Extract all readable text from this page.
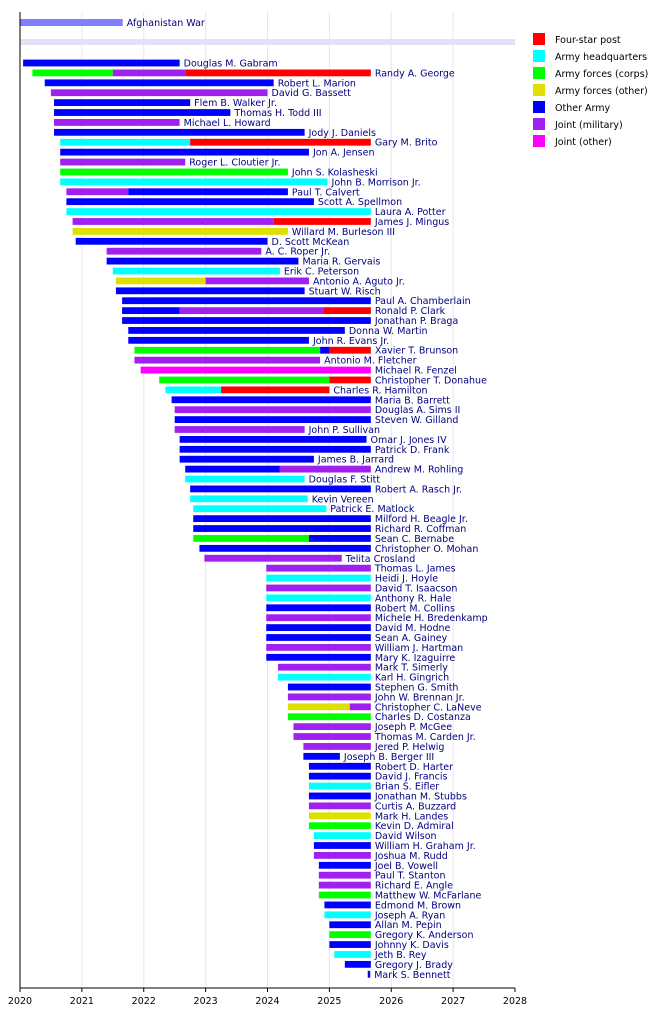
Afghanistan War
Douglas M. Gabram
Randy A. George
Robert L. Marion
David G. Bassett
Flem B. Walker Jr.
Thomas H. Todd III
Michael L. Howard
Jody J. Daniels
Gary M. Brito
Jon A. Jensen
Roger L. Cloutier Jr.
John S. Kolasheski
John B. Morrison Jr.
Paul T. Calvert
Scott A. Spellmon
Laura A. Potter
James J. Mingus
Willard M. Burleson III
D. Scott McKean
A. C. Roper Jr.
Maria R. Gervais
Erik C. Peterson
Antonio A. Aguto Jr.
Stuart W. Risch
Paul A. Chamberlain
Ronald P. Clark
Jonathan P. Braga
Donna W. Martin
John R. Evans Jr.
Xavier T. Brunson
Antonio M. Fletcher
Michael R. Fenzel
Christopher T. Donahue
Charles R. Hamilton
Maria B. Barrett
Douglas A. Sims II
Steven W. Gilland
John P. Sullivan
Omar J. Jones IV
Patrick D. Frank
James B. Jarrard
Andrew M. Rohling
Douglas F. Stitt
Robert A. Rasch Jr.
Kevin Vereen
Patrick E. Matlock
Milford H. Beagle Jr.
Richard R. Coffman
Sean C. Bernabe
Christopher O. Mohan
Telita Crosland
Thomas L. James
Heidi J. Hoyle
David T. Isaacson
Anthony R. Hale
Robert M. Collins
Michele H. Bredenkamp
David M. Hodne
Sean A. Gainey
William J. Hartman
Mary K. Izaguirre
Mark T. Simerly
Karl H. Gingrich
Stephen G. Smith
John W. Brennan Jr.
Christopher C. LaNeve
Charles D. Costanza
Joseph P. McGee
Thomas M. Carden Jr.
Jered P. Helwig
Joseph B. Berger III
Robert D. Harter
David J. Francis
Brian S. Eifler
Jonathan M. Stubbs
Curtis A. Buzzard
Mark H. Landes
Kevin D. Admiral
David Wilson
William H. Graham Jr.
Joshua M. Rudd
Joel B. Vowell
Paul T. Stanton
Richard E. Angle
Matthew W. McFarlane
Edmond M. Brown
Joseph A. Ryan
Allan M. Pepin
Gregory K. Anderson
Johnny K. Davis
Jeth B. Rey
Gregory J. Brady
Mark S. Bennett
2020	2021	2022	2023	2024	2025	2026	2027	2028
Four-star post
Army headquarters
Army forces (corps)
Army forces (other)
Other Army
Joint (military)
Joint (other)
